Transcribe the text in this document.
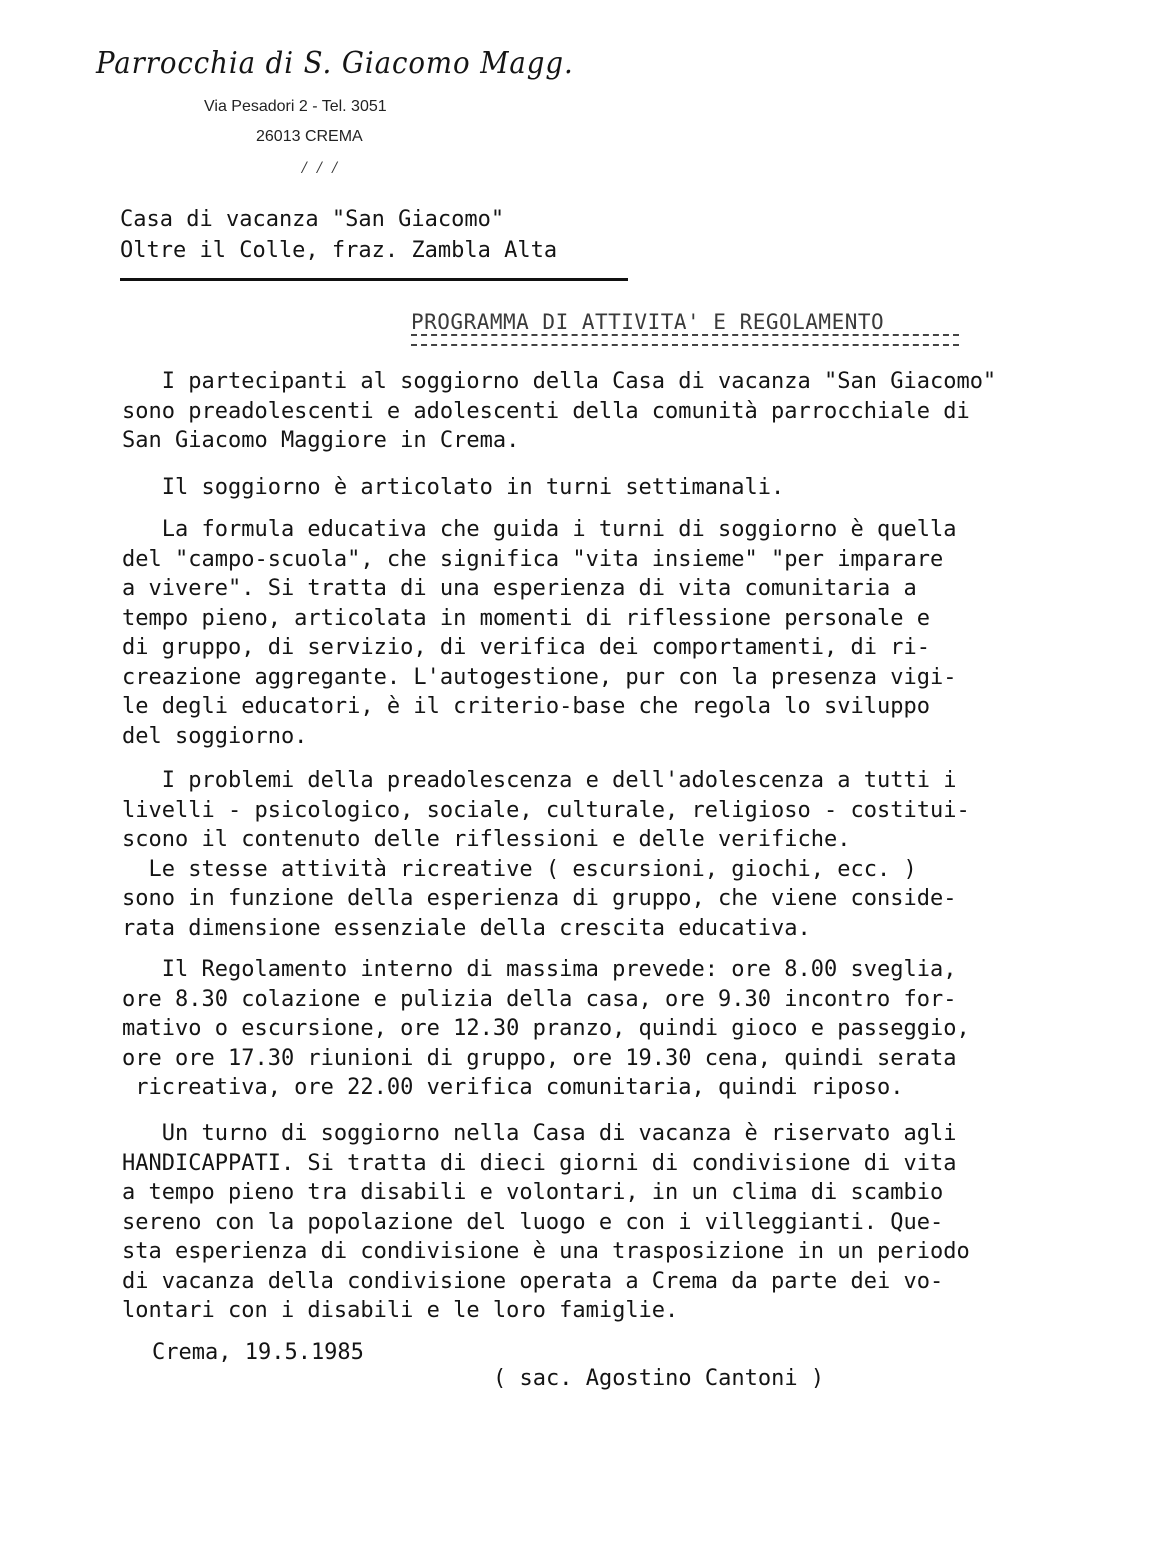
Parrocchia di S. Giacomo Magg.
Via Pesadori 2 - Tel. 3051
26013 CREMA
/ / /
Casa di vacanza "San Giacomo"
Oltre il Colle, fraz. Zambla Alta
PROGRAMMA DI ATTIVITA' E REGOLAMENTO
I partecipanti al soggiorno della Casa di vacanza "San Giacomo"
sono preadolescenti e adolescenti della comunità parrocchiale di
San Giacomo Maggiore in Crema.
Il soggiorno è articolato in turni settimanali.
La formula educativa che guida i turni di soggiorno è quella
del "campo-scuola", che significa "vita insieme" "per imparare
a vivere". Si tratta di una esperienza di vita comunitaria a
tempo pieno, articolata in momenti di riflessione personale e
di gruppo, di servizio, di verifica dei comportamenti, di ri-
creazione aggregante. L'autogestione, pur con la presenza vigi-
le degli educatori, è il criterio-base che regola lo sviluppo
del soggiorno.
I problemi della preadolescenza e dell'adolescenza a tutti i
livelli - psicologico, sociale, culturale, religioso - costitui-
scono il contenuto delle riflessioni e delle verifiche.
Le stesse attività ricreative ( escursioni, giochi, ecc. )
sono in funzione della esperienza di gruppo, che viene conside-
rata dimensione essenziale della crescita educativa.
Il Regolamento interno di massima prevede: ore 8.00 sveglia,
ore 8.30 colazione e pulizia della casa, ore 9.30 incontro for-
mativo o escursione, ore 12.30 pranzo, quindi gioco e passeggio,
ore ore 17.30 riunioni di gruppo, ore 19.30 cena, quindi serata
ricreativa, ore 22.00 verifica comunitaria, quindi riposo.
Un turno di soggiorno nella Casa di vacanza è riservato agli
HANDICAPPATI. Si tratta di dieci giorni di condivisione di vita
a tempo pieno tra disabili e volontari, in un clima di scambio
sereno con la popolazione del luogo e con i villeggianti. Que-
sta esperienza di condivisione è una trasposizione in un periodo
di vacanza della condivisione operata a Crema da parte dei vo-
lontari con i disabili e le loro famiglie.
Crema, 19.5.1985
( sac. Agostino Cantoni )
